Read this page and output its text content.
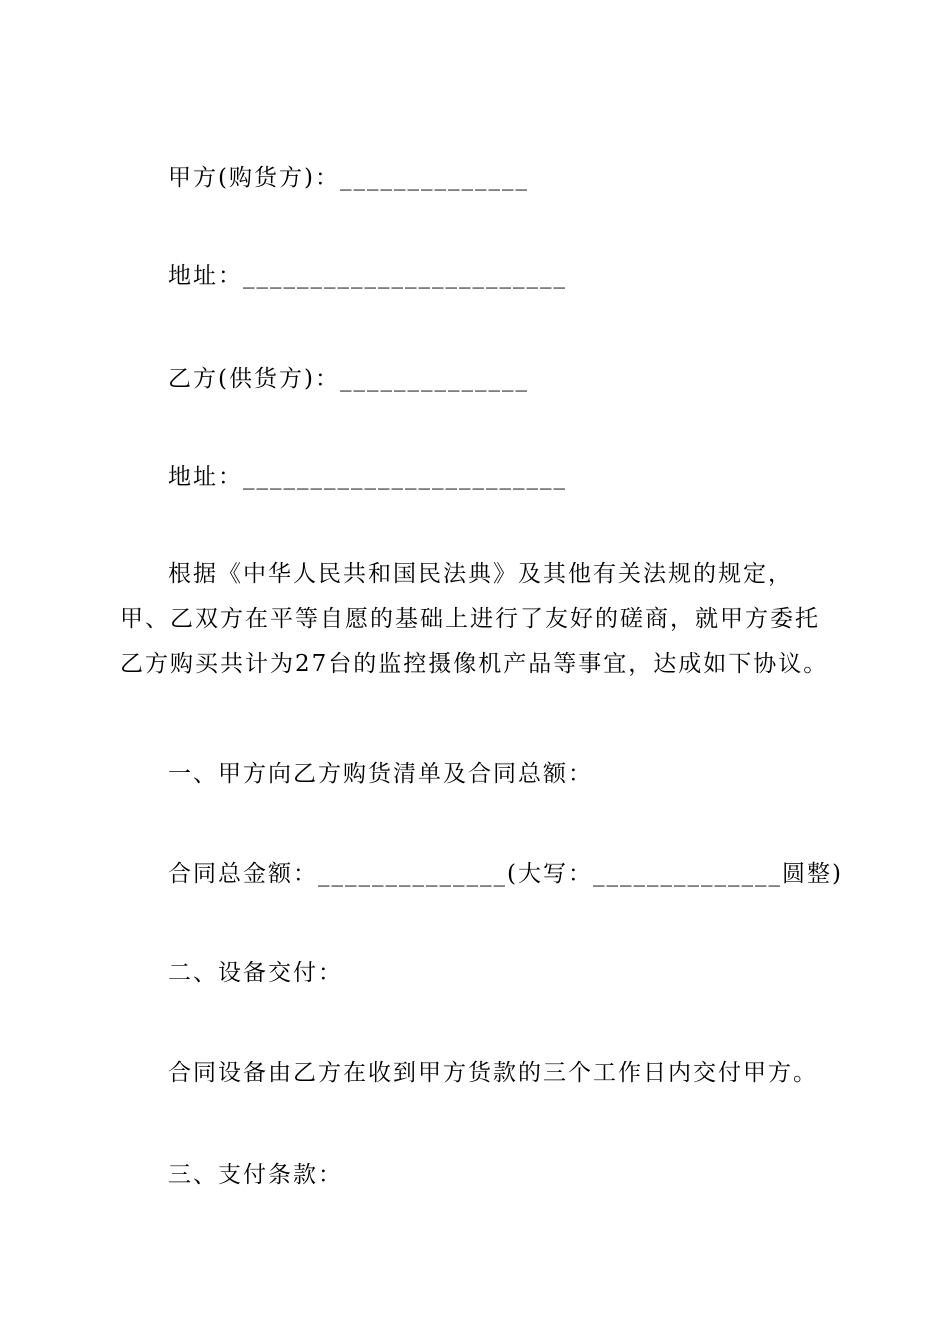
甲方(购货方)：______________
地址：________________________
乙方(供货方)：______________
地址：________________________
根据《中华人民共和国民法典》及其他有关法规的规定，甲、乙双方在平等自愿的基础上进行了友好的磋商，就甲方委托乙方购买共计为27台的监控摄像机产品等事宜，达成如下协议。
一、甲方向乙方购货清单及合同总额：
合同总金额：______________(大写：______________圆整)
二、设备交付：
合同设备由乙方在收到甲方货款的三个工作日内交付甲方。
三、支付条款：
